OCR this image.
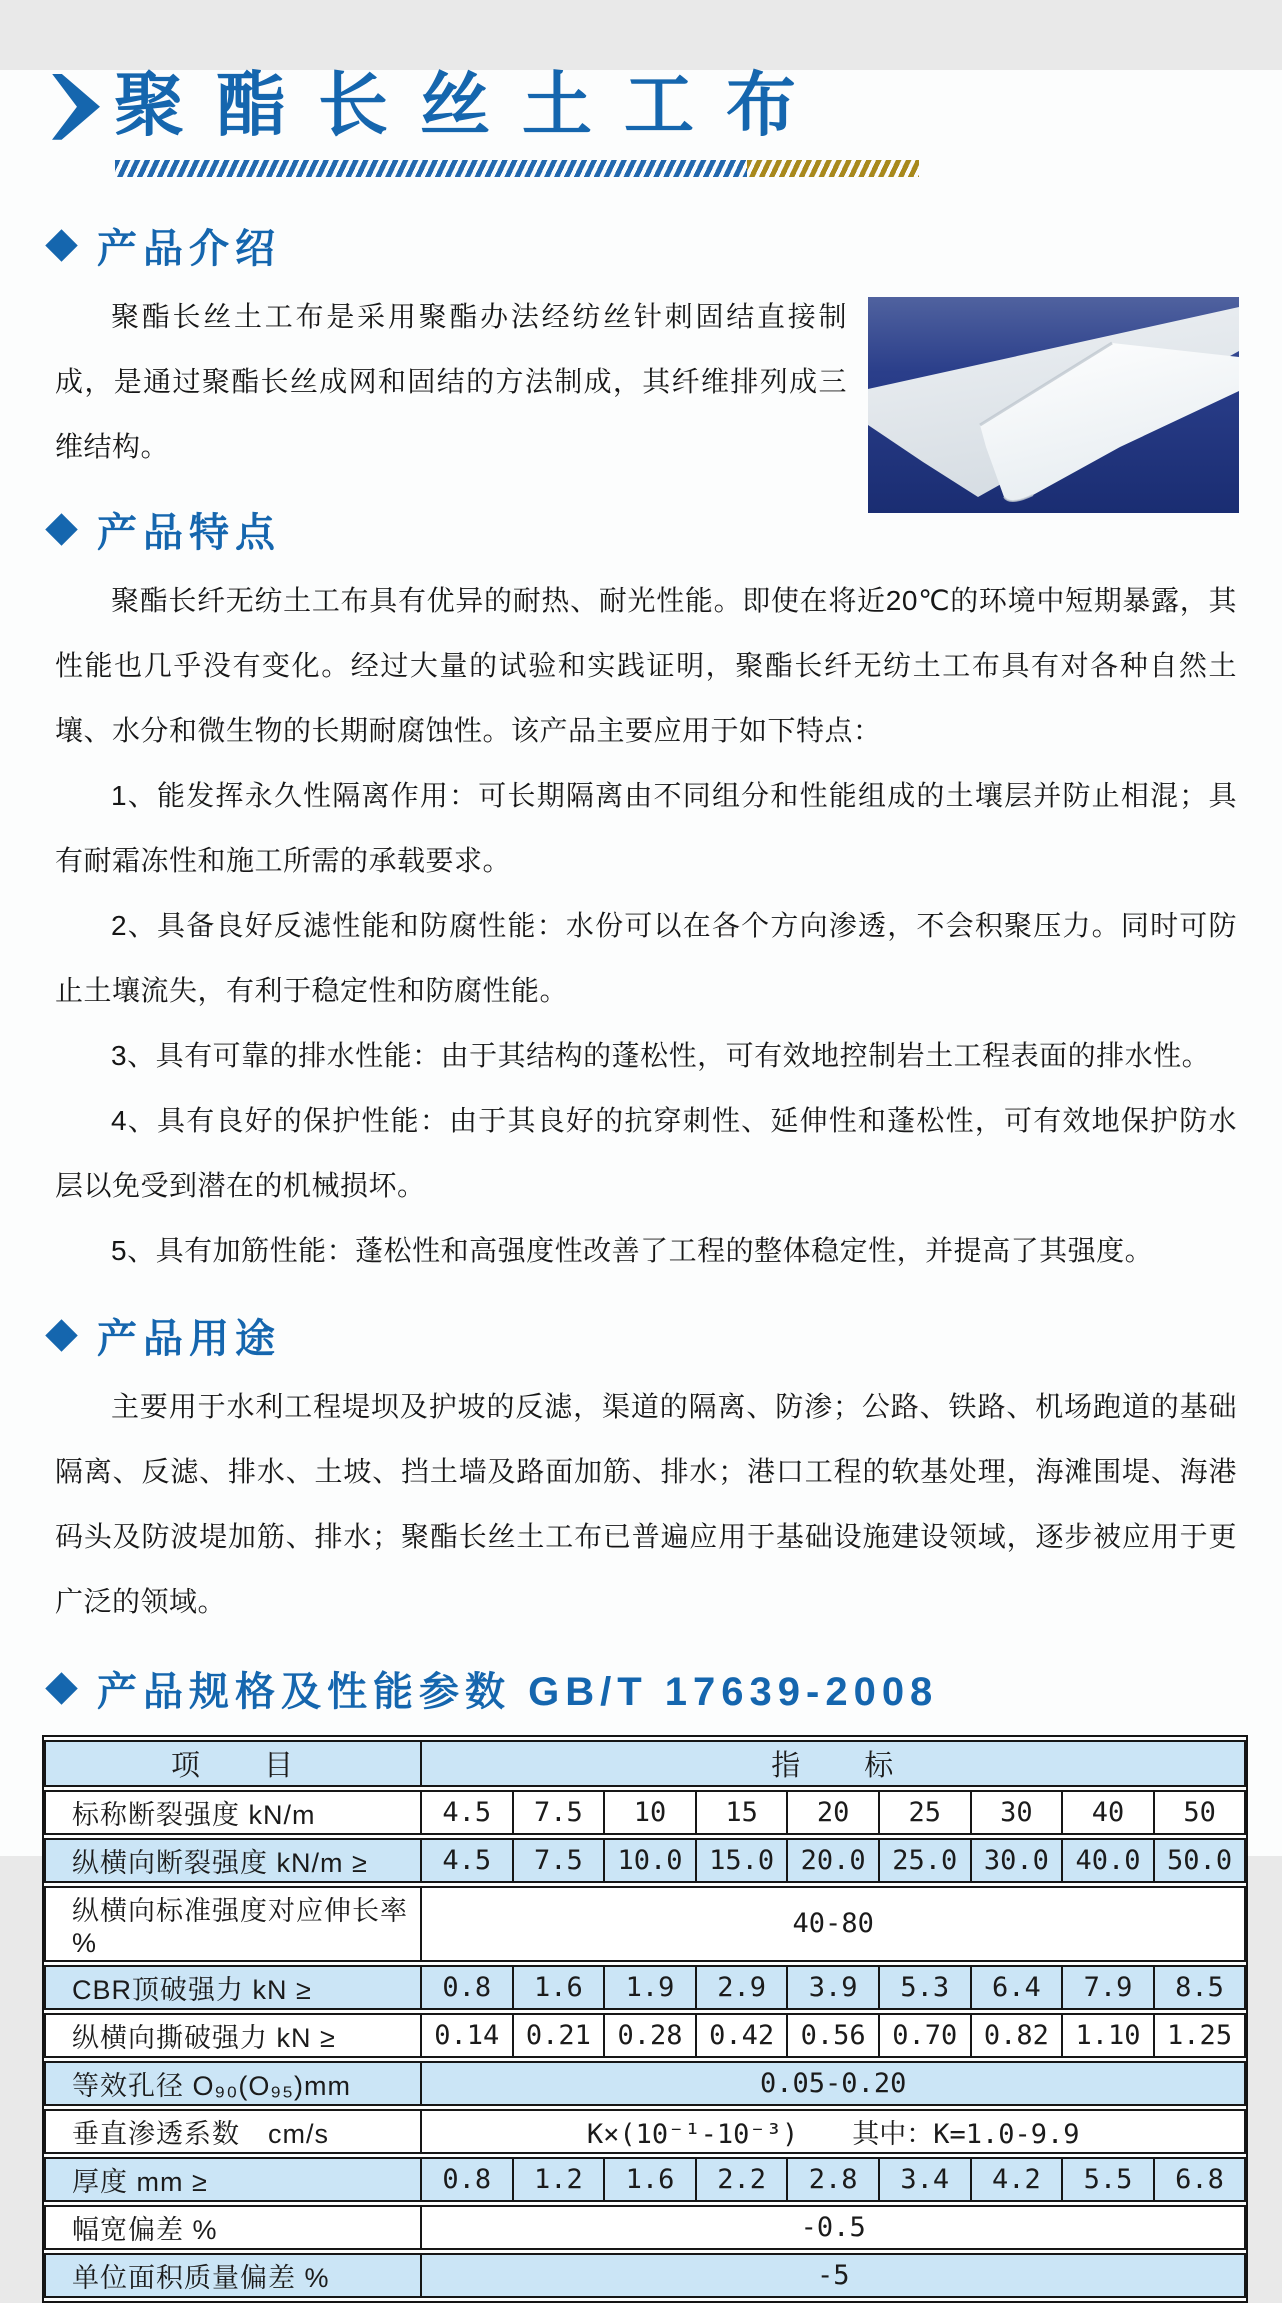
聚酯长丝土工布
产品介绍

聚酯长丝土工布是采用聚酯办法经纺丝针刺固结直接制成，是通过聚酯长丝成网和固结的方法制成，其纤维排列成三维结构。

产品特点

聚酯长纤无纺土工布具有优异的耐热、耐光性能。即使在将近20℃的环境中短期暴露，其性能也几乎没有变化。经过大量的试验和实践证明，聚酯长纤无纺土工布具有对各种自然土壤、水分和微生物的长期耐腐蚀性。该产品主要应用于如下特点：

1、能发挥永久性隔离作用：可长期隔离由不同组分和性能组成的土壤层并防止相混；具有耐霜冻性和施工所需的承载要求。

2、具备良好反滤性能和防腐性能：水份可以在各个方向渗透，不会积聚压力。同时可防止土壤流失，有利于稳定性和防腐性能。

3、具有可靠的排水性能：由于其结构的蓬松性，可有效地控制岩土工程表面的排水性。

4、具有良好的保护性能：由于其良好的抗穿刺性、延伸性和蓬松性，可有效地保护防水层以免受到潜在的机械损坏。

5、具有加筋性能：蓬松性和高强度性改善了工程的整体稳定性，并提高了其强度。

产品用途

主要用于水利工程堤坝及护坡的反滤，渠道的隔离、防渗；公路、铁路、机场跑道的基础隔离、反滤、排水、土坡、挡土墙及路面加筋、排水；港口工程的软基处理，海滩围堤、海港码头及防波堤加筋、排水；聚酯长丝土工布已普遍应用于基础设施建设领域，逐步被应用于更广泛的领域。

产品规格及性能参数 GB/T 17639-2008
项　　目	指　　标								
标称断裂强度 kN/m	4.5	7.5	10	15	20	25	30	40	50
纵横向断裂强度 kN/m ≥	4.5	7.5	10.0	15.0	20.0	25.0	30.0	40.0	50.0
纵横向标准强度对应伸长率 %	40-80								
CBR顶破强力 kN ≥	0.8	1.6	1.9	2.9	3.9	5.3	6.4	7.9	8.5
纵横向撕破强力 kN ≥	0.14	0.21	0.28	0.42	0.56	0.70	0.82	1.10	1.25
等效孔径 O₉₀(O₉₅)mm	0.05-0.20								
垂直渗透系数　cm/s	K×(10⁻¹-10⁻³)　　其中：K=1.0-9.9								
厚度 mm ≥	0.8	1.2	1.6	2.2	2.8	3.4	4.2	5.5	6.8
幅宽偏差 %	-0.5								
单位面积质量偏差 %	-5								
